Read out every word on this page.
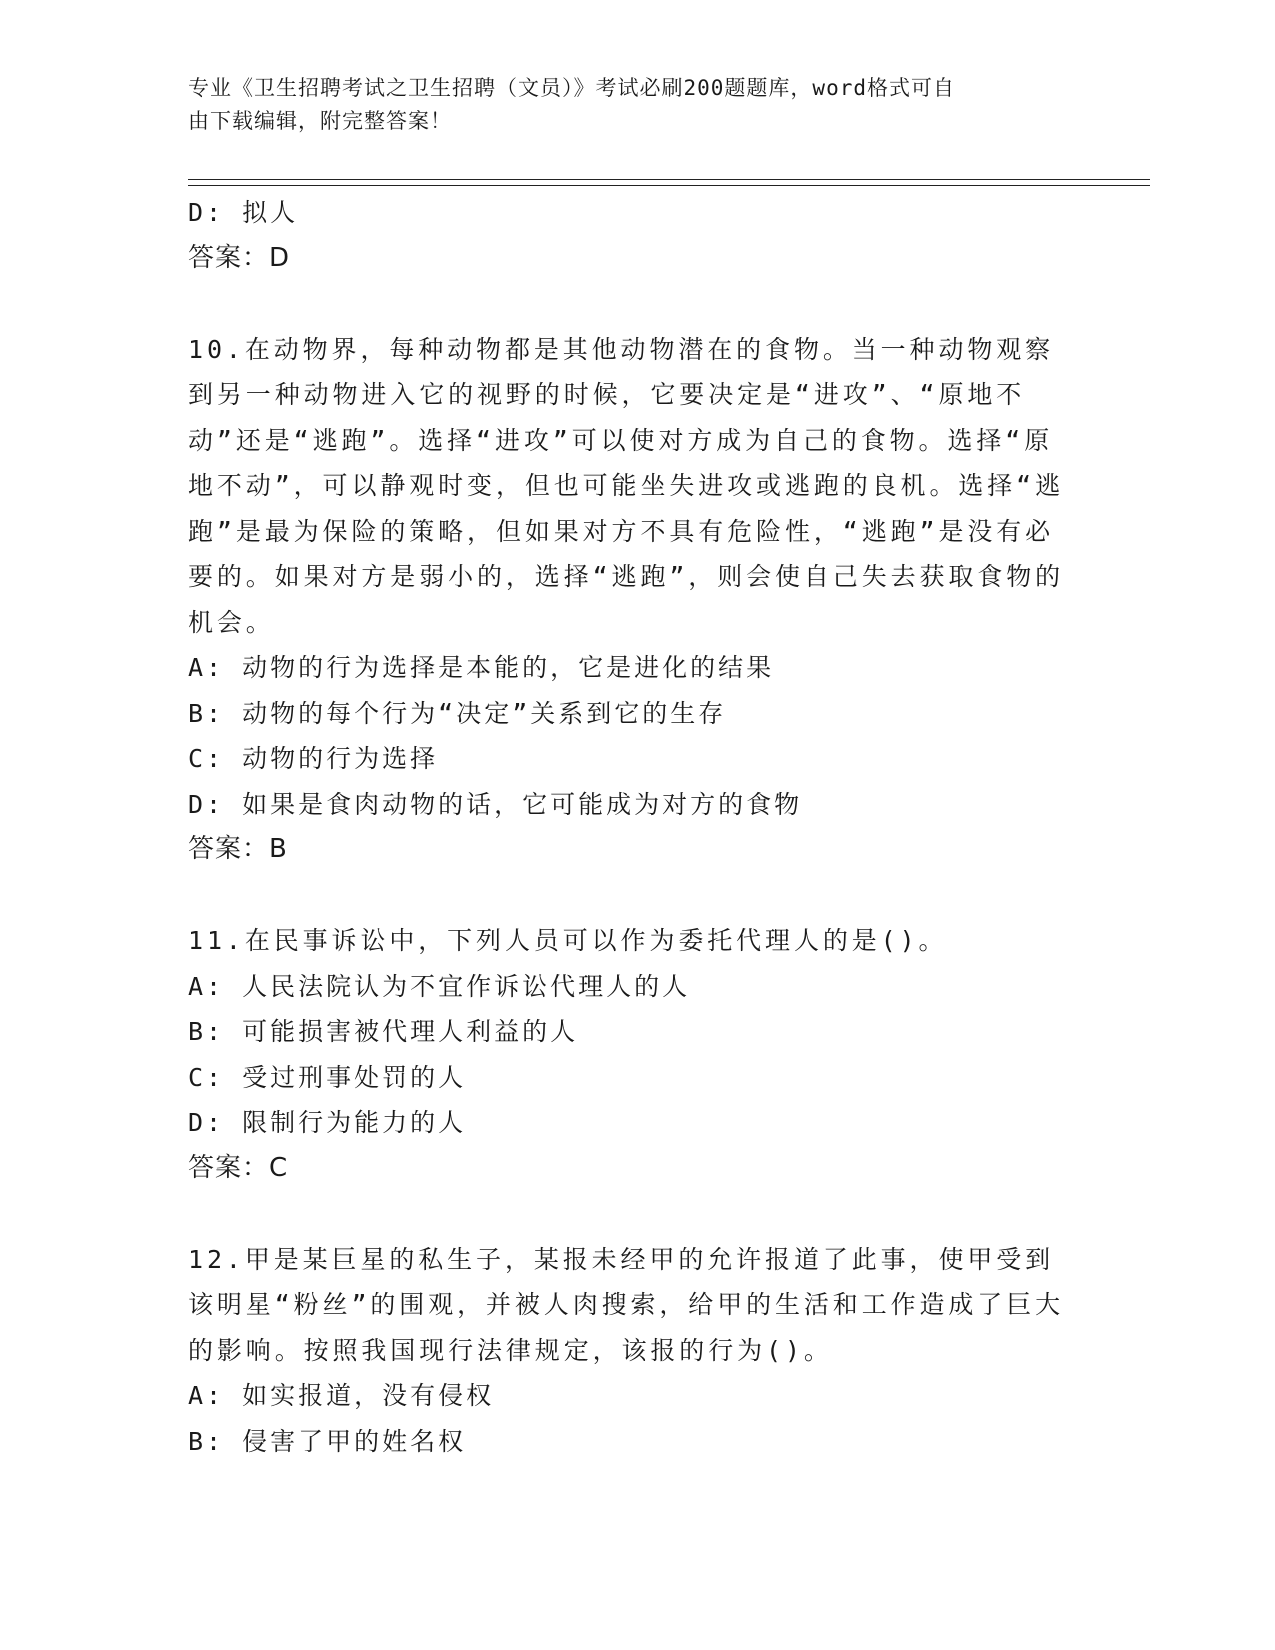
专业《卫生招聘考试之卫生招聘（文员）》考试必刷200题题库，word格式可自
由下载编辑，附完整答案！
D: 拟人
答案：D
10.在动物界，每种动物都是其他动物潜在的食物。当一种动物观察到另一种动物进入它的视野的时候，它要决定是“进攻”、“原地不动”还是“逃跑”。选择“进攻”可以使对方成为自己的食物。选择“原地不动”，可以静观时变，但也可能坐失进攻或逃跑的良机。选择“逃跑”是最为保险的策略，但如果对方不具有危险性，“逃跑”是没有必要的。如果对方是弱小的，选择“逃跑”，则会使自己失去获取食物的机会。
A: 动物的行为选择是本能的，它是进化的结果
B: 动物的每个行为“决定”关系到它的生存
C: 动物的行为选择
D: 如果是食肉动物的话，它可能成为对方的食物
答案：B
11.在民事诉讼中，下列人员可以作为委托代理人的是()。
A: 人民法院认为不宜作诉讼代理人的人
B: 可能损害被代理人利益的人
C: 受过刑事处罚的人
D: 限制行为能力的人
答案：C
12.甲是某巨星的私生子，某报未经甲的允许报道了此事，使甲受到该明星“粉丝”的围观，并被人肉搜索，给甲的生活和工作造成了巨大的影响。按照我国现行法律规定，该报的行为()。
A: 如实报道，没有侵权
B: 侵害了甲的姓名权
